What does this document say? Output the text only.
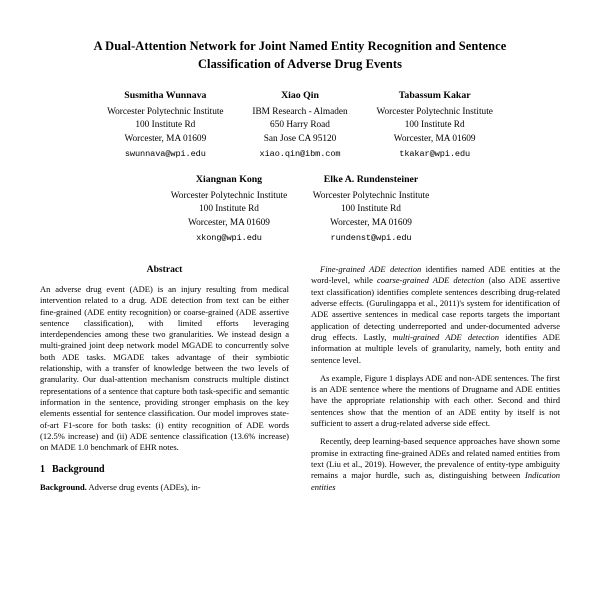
A Dual-Attention Network for Joint Named Entity Recognition and Sentence Classification of Adverse Drug Events
Susmitha Wunnava
Worcester Polytechnic Institute
100 Institute Rd
Worcester, MA 01609
swunnava@wpi.edu
Xiao Qin
IBM Research - Almaden
650 Harry Road
San Jose CA 95120
xiao.qin@ibm.com
Tabassum Kakar
Worcester Polytechnic Institute
100 Institute Rd
Worcester, MA 01609
tkakar@wpi.edu
Xiangnan Kong
Worcester Polytechnic Institute
100 Institute Rd
Worcester, MA 01609
xkong@wpi.edu
Elke A. Rundensteiner
Worcester Polytechnic Institute
100 Institute Rd
Worcester, MA 01609
rundenst@wpi.edu
Abstract

An adverse drug event (ADE) is an injury resulting from medical intervention related to a drug. ADE detection from text can be either fine-grained (ADE entity recognition) or coarse-grained (ADE assertive sentence classification), with limited efforts leveraging interdependencies among these two granularities. We instead design a multi-grained joint deep network model MGADE to concurrently solve both ADE tasks. MGADE takes advantage of their symbiotic relationship, with a transfer of knowledge between the two levels of granularity. Our dual-attention mechanism constructs multiple distinct representations of a sentence that capture both task-specific and semantic information in the sentence, providing stronger emphasis on the key elements essential for sentence classification. Our model improves state-of-art F1-score for both tasks: (i) entity recognition of ADE words (12.5% increase) and (ii) ADE sentence classification (13.6% increase) on MADE 1.0 benchmark of EHR notes.

1 Background

Background. Adverse drug events (ADEs), in-

Fine-grained ADE detection identifies named ADE entities at the word-level, while coarse-grained ADE detection (also ADE assertive text classification) identifies complete sentences describing drug-related adverse effects. (Gurulingappa et al., 2011)'s system for identification of ADE assertive sentences in medical case reports targets the important application of detecting underreported and under-documented adverse drug effects. Lastly, multi-grained ADE detection identifies ADE information at multiple levels of granularity, namely, both entity and sentence level.

As example, Figure 1 displays ADE and non-ADE sentences. The first is an ADE sentence where the mentions of Drugname and ADE entities have the appropriate relationship with each other. Second and third sentences show that the mention of an ADE entity by itself is not sufficient to assert a drug-related adverse side effect.

Recently, deep learning-based sequence approaches have shown some promise in extracting fine-grained ADEs and related named entities from text (Liu et al., 2019). However, the prevalence of entity-type ambiguity remains a major hurdle, such as, distinguishing between Indication entities
